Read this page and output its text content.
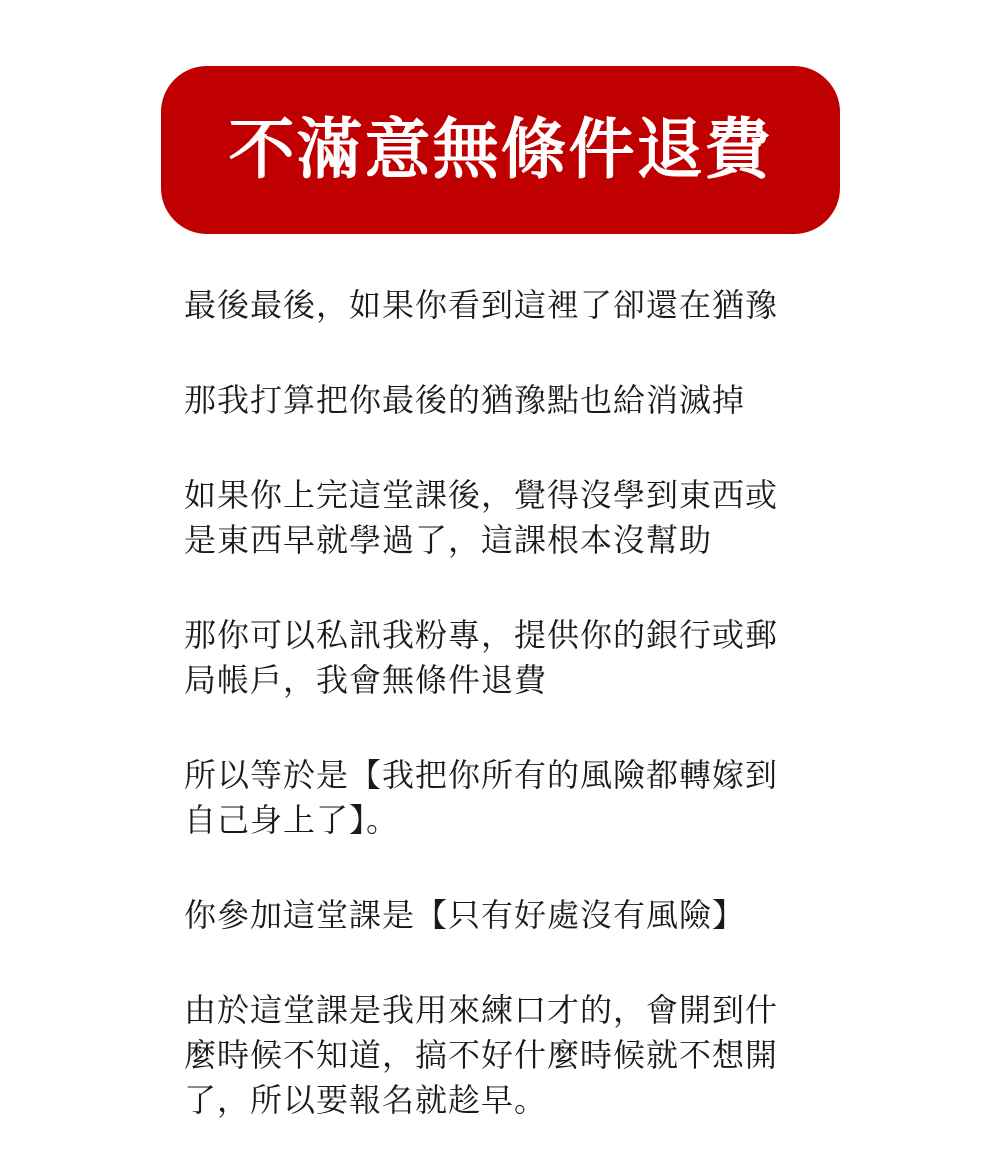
不滿意無條件退費
最後最後，如果你看到這裡了卻還在猶豫
那我打算把你最後的猶豫點也給消滅掉
如果你上完這堂課後，覺得沒學到東西或
是東西早就學過了，這課根本沒幫助
那你可以私訊我粉專，提供你的銀行或郵
局帳戶，我會無條件退費
所以等於是【我把你所有的風險都轉嫁到
自己身上了】。
你參加這堂課是【只有好處沒有風險】
由於這堂課是我用來練口才的，會開到什
麼時候不知道，搞不好什麼時候就不想開
了，所以要報名就趁早。
